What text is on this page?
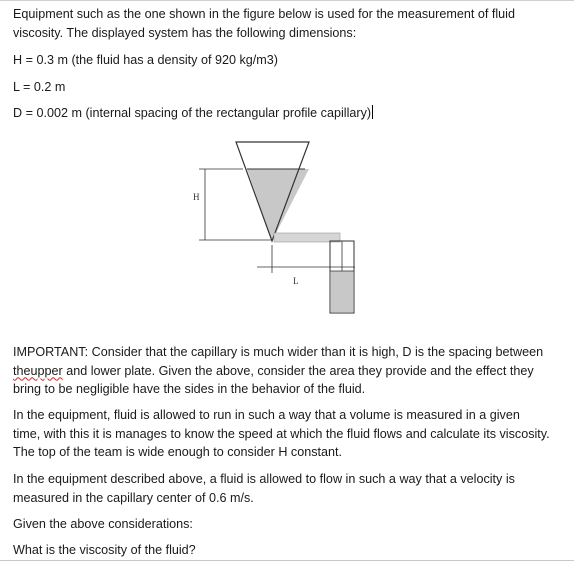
Equipment such as the one shown in the figure below is used for the measurement of fluid
viscosity. The displayed system has the following dimensions:

H = 0.3 m (the fluid has a density of 920 kg/m3)

L = 0.2 m

D = 0.002 m (internal spacing of the rectangular profile capillary)

H
L

IMPORTANT: Consider that the capillary is much wider than it is high, D is the spacing between
theupper and lower plate. Given the above, consider the area they provide and the effect they
bring to be negligible have the sides in the behavior of the fluid.

In the equipment, fluid is allowed to run in such a way that a volume is measured in a given
time, with this it is manages to know the speed at which the fluid flows and calculate its viscosity.
The top of the team is wide enough to consider H constant.

In the equipment described above, a fluid is allowed to flow in such a way that a velocity is
measured in the capillary center of 0.6 m/s.

Given the above considerations:

What is the viscosity of the fluid?
